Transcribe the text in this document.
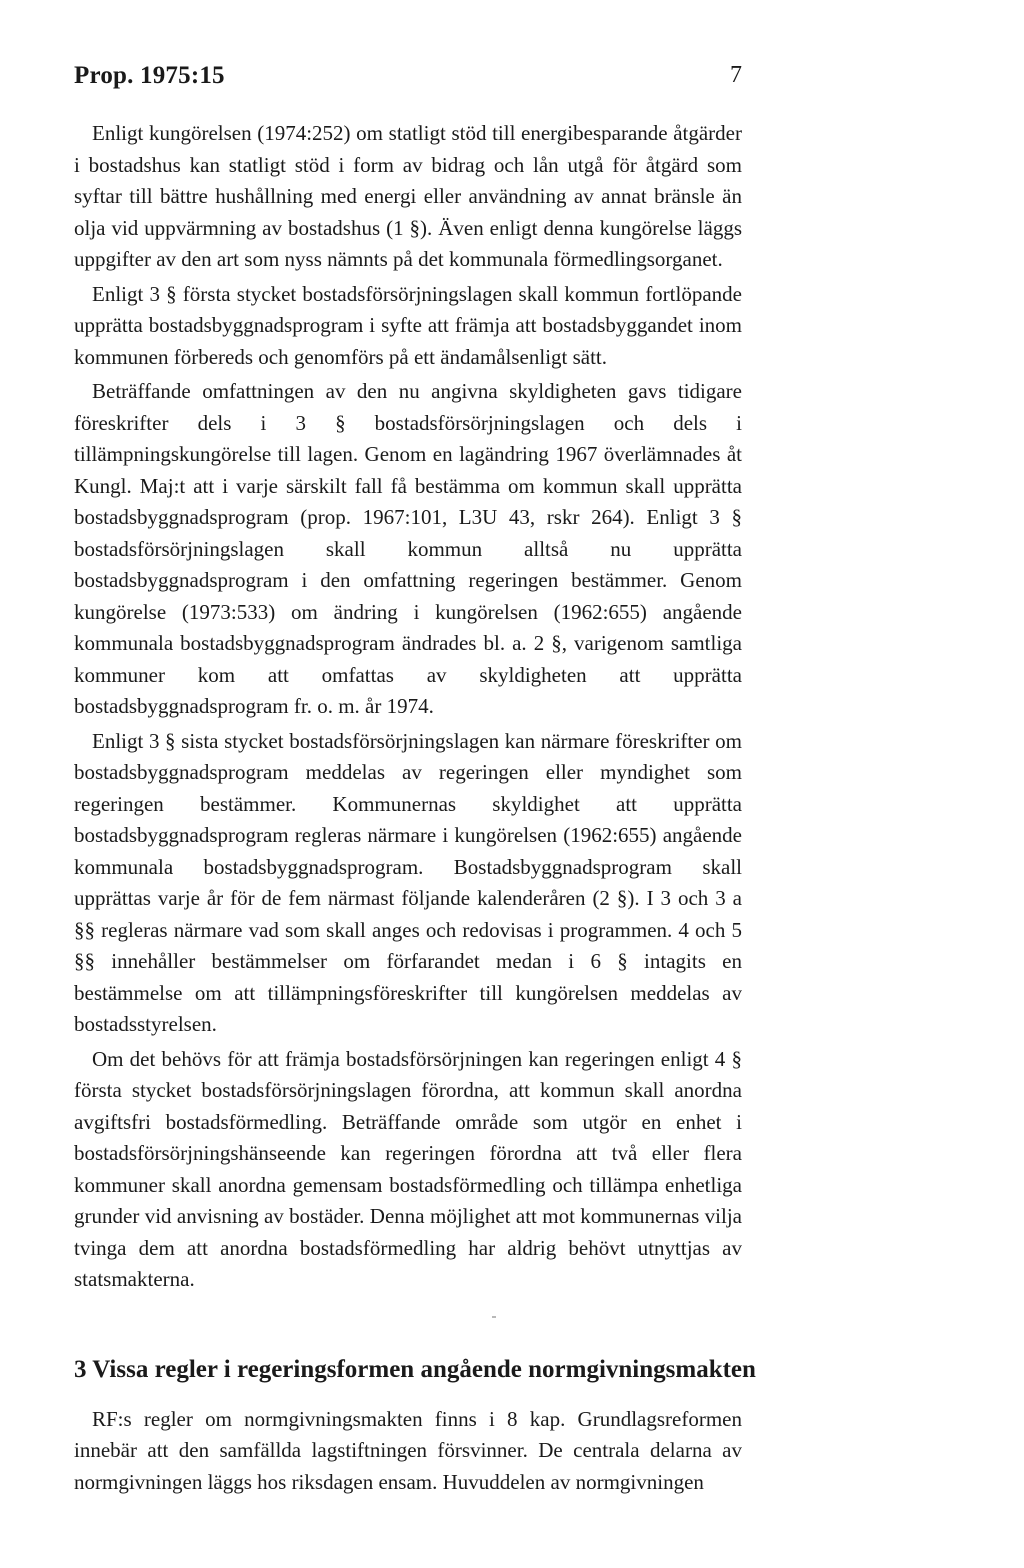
Prop. 1975:15	7

Enligt kungörelsen (1974:252) om statligt stöd till energibesparande åtgärder i bostadshus kan statligt stöd i form av bidrag och lån utgå för åtgärd som syftar till bättre hushållning med energi eller användning av annat bränsle än olja vid uppvärmning av bostadshus (1 §). Även enligt denna kungörelse läggs uppgifter av den art som nyss nämnts på det kommunala förmedlingsorganet.

Enligt 3 § första stycket bostadsförsörjningslagen skall kommun fortlöpande upprätta bostadsbyggnadsprogram i syfte att främja att bostadsbyggandet inom kommunen förbereds och genomförs på ett ändamålsenligt sätt.

Beträffande omfattningen av den nu angivna skyldigheten gavs tidigare föreskrifter dels i 3 § bostadsförsörjningslagen och dels i tillämpningskungörelse till lagen. Genom en lagändring 1967 överlämnades åt Kungl. Maj:t att i varje särskilt fall få bestämma om kommun skall upprätta bostadsbyggnadsprogram (prop. 1967:101, L3U 43, rskr 264). Enligt 3 § bostadsförsörjningslagen skall kommun alltså nu upprätta bostadsbyggnadsprogram i den omfattning regeringen bestämmer. Genom kungörelse (1973:533) om ändring i kungörelsen (1962:655) angående kommunala bostadsbyggnadsprogram ändrades bl. a. 2 §, varigenom samtliga kommuner kom att omfattas av skyldigheten att upprätta bostadsbyggnadsprogram fr. o. m. år 1974.

Enligt 3 § sista stycket bostadsförsörjningslagen kan närmare föreskrifter om bostadsbyggnadsprogram meddelas av regeringen eller myndighet som regeringen bestämmer. Kommunernas skyldighet att upprätta bostadsbyggnadsprogram regleras närmare i kungörelsen (1962:655) angående kommunala bostadsbyggnadsprogram. Bostadsbyggnadsprogram skall upprättas varje år för de fem närmast följande kalenderåren (2 §). I 3 och 3 a §§ regleras närmare vad som skall anges och redovisas i programmen. 4 och 5 §§ innehåller bestämmelser om förfarandet medan i 6 § intagits en bestämmelse om att tillämpningsföreskrifter till kungörelsen meddelas av bostadsstyrelsen.

Om det behövs för att främja bostadsförsörjningen kan regeringen enligt 4 § första stycket bostadsförsörjningslagen förordna, att kommun skall anordna avgiftsfri bostadsförmedling. Beträffande område som utgör en enhet i bostadsförsörjningshänseende kan regeringen förordna att två eller flera kommuner skall anordna gemensam bostadsförmedling och tillämpa enhetliga grunder vid anvisning av bostäder. Denna möjlighet att mot kommunernas vilja tvinga dem att anordna bostadsförmedling har aldrig behövt utnyttjas av statsmakterna.

3 Vissa regler i regeringsformen angående normgivningsmakten

RF:s regler om normgivningsmakten finns i 8 kap. Grundlagsreformen innebär att den samfällda lagstiftningen försvinner. De centrala delarna av normgivningen läggs hos riksdagen ensam. Huvuddelen av normgivningen
